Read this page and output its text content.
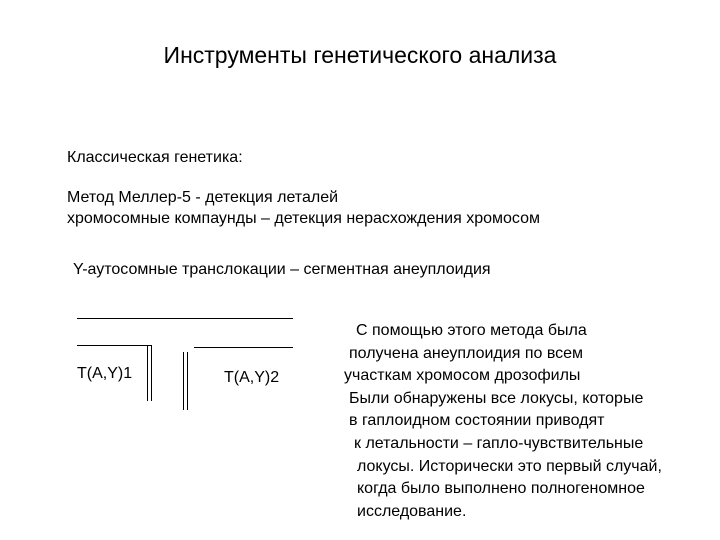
Инструменты генетического анализа
Классическая генетика:
Метод Меллер-5 - детекция леталей
хромосомные компаунды – детекция нерасхождения хромосом
Y-аутосомные транслокации – сегментная анеуплоидия
T(A,Y)1	T(A,Y)2
С помощью этого метода была
получена анеуплоидия по всем
участкам хромосом дрозофилы
Были обнаружены все локусы, которые
в гаплоидном состоянии приводят
к летальности – гапло-чувствительные
локусы. Исторически это первый случай,
когда было выполнено полногеномное
исследование.
